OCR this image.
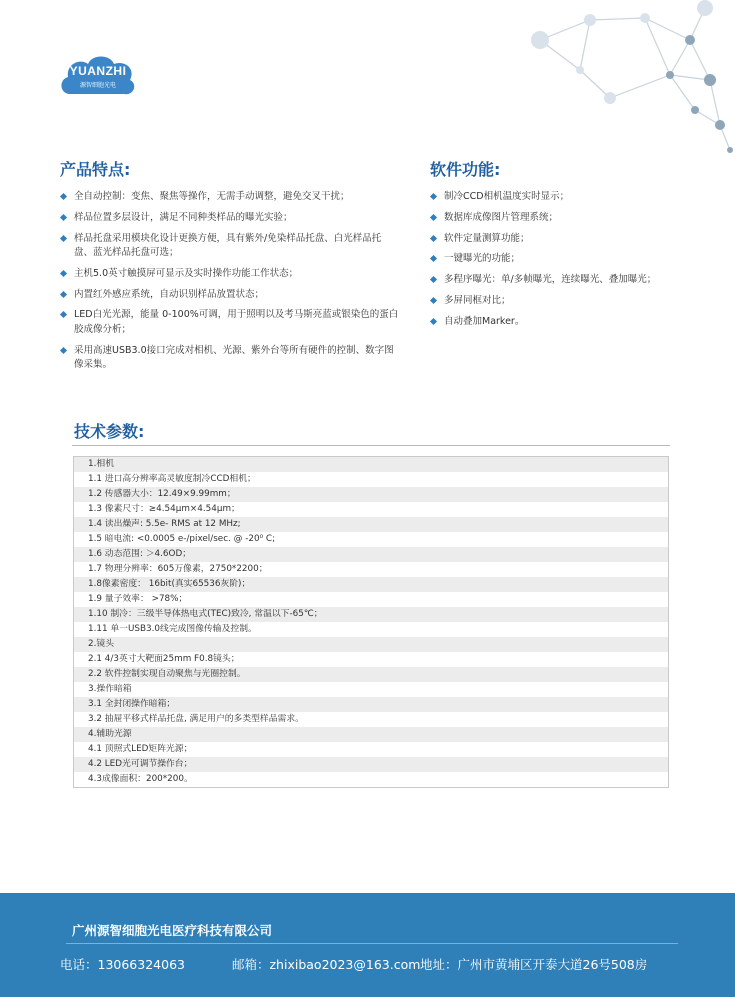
YUANZHI
源智细胞光电
产品特点:
全自动控制：变焦、聚焦等操作，无需手动调整，避免交叉干扰；
样品位置多层设计，满足不同种类样品的曝光实验；
样品托盘采用模块化设计更换方便，具有紫外/免染样品托盘、白光样品托盘、蓝光样品托盘可选；
主机5.0英寸触摸屏可显示及实时操作功能工作状态；
内置红外感应系统，自动识别样品放置状态；
LED白光光源，能量 0-100%可调，用于照明以及考马斯亮蓝或银染色的蛋白胶成像分析；
采用高速USB3.0接口完成对相机、光源、紫外台等所有硬件的控制、数字图像采集。
软件功能:
制冷CCD相机温度实时显示；
数据库成像图片管理系统；
软件定量测算功能；
一键曝光的功能；
多程序曝光：单/多帧曝光，连续曝光、叠加曝光；
多屏同框对比；
自动叠加Marker。
技术参数:
1.相机
1.1 进口高分辨率高灵敏度制冷CCD相机；
1.2 传感器大小：12.49×9.99mm；
1.3 像素尺寸：≥4.54μm×4.54μm；
1.4 读出燥声: 5.5e- RMS at 12 MHz;
1.5 暗电流: <0.0005 e-/pixel/sec. @ -20⁰ C;
1.6 动态范围: ＞4.6OD；
1.7 物理分辨率：605万像素，2750*2200；
1.8像素密度： 16bit(真实65536灰阶)；
1.9 量子效率： >78%；
1.10 制冷：三级半导体热电式(TEC)致冷, 常温以下-65℃；
1.11 单一USB3.0线完成图像传输及控制。
2.镜头
2.1 4/3英寸大靶面25mm F0.8镜头；
2.2 软件控制实现自动聚焦与光圈控制。
3.操作暗箱
3.1 全封闭操作暗箱；
3.2 抽屉平移式样品托盘, 满足用户的多类型样品需求。
4.辅助光源
4.1 顶照式LED矩阵光源；
4.2 LED光可调节操作台；
4.3成像面积：200*200。
广州源智细胞光电医疗科技有限公司
电话：13066324063	邮箱：zhixibao2023@163.com 地址：广州市黄埔区开泰大道26号508房
